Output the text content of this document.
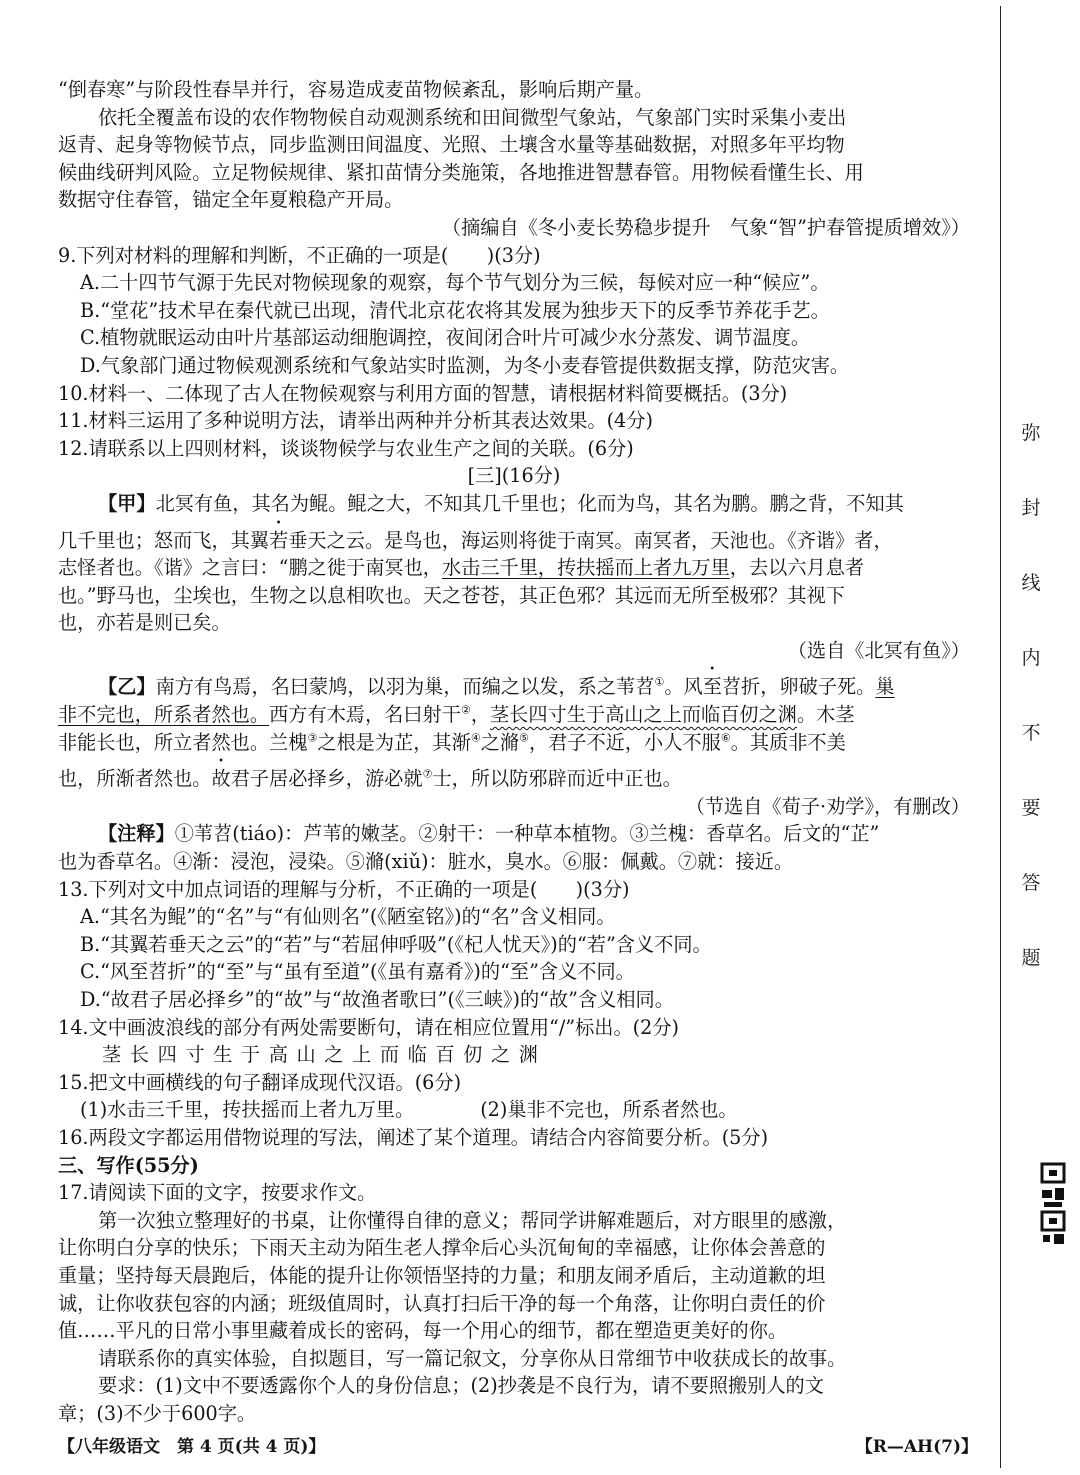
“倒春寒”与阶段性春旱并行，容易造成麦苗物候紊乱，影响后期产量。
依托全覆盖布设的农作物物候自动观测系统和田间微型气象站，气象部门实时采集小麦出
返青、起身等物候节点，同步监测田间温度、光照、土壤含水量等基础数据，对照多年平均物
候曲线研判风险。立足物候规律、紧扣苗情分类施策，各地推进智慧春管。用物候看懂生长、用
数据守住春管，锚定全年夏粮稳产开局。
（摘编自《冬小麦长势稳步提升　气象“智”护春管提质增效》）
9.下列对材料的理解和判断，不正确的一项是(　　)(3分)
A.二十四节气源于先民对物候现象的观察，每个节气划分为三候，每候对应一种“候应”。
B.“堂花”技术早在秦代就已出现，清代北京花农将其发展为独步天下的反季节养花手艺。
C.植物就眠运动由叶片基部运动细胞调控，夜间闭合叶片可减少水分蒸发、调节温度。
D.气象部门通过物候观测系统和气象站实时监测，为冬小麦春管提供数据支撑，防范灾害。
10.材料一、二体现了古人在物候观察与利用方面的智慧，请根据材料简要概括。(3分)
11.材料三运用了多种说明方法，请举出两种并分析其表达效果。(4分)
12.请联系以上四则材料，谈谈物候学与农业生产之间的关联。(6分)
[三](16分)
【甲】北冥有鱼，其名为鲲。鲲之大，不知其几千里也；化而为鸟，其名为鹏。鹏之背，不知其
几千里也；怒而飞，其翼若垂天之云。是鸟也，海运则将徙于南冥。南冥者，天池也。《齐谐》者，
志怪者也。《谐》之言曰：“鹏之徙于南冥也，水击三千里，抟扶摇而上者九万里，去以六月息者
也。”野马也，尘埃也，生物之以息相吹也。天之苍苍，其正色邪？其远而无所至极邪？其视下
也，亦若是则已矣。
（选自《北冥有鱼》）
【乙】南方有鸟焉，名曰蒙鸠，以羽为巢，而编之以发，系之苇苕①。风至苕折，卵破子死。巢
非不完也，所系者然也。西方有木焉，名曰射干②，茎长四寸生于高山之上而临百仞之渊。木茎
非能长也，所立者然也。兰槐③之根是为芷，其渐④之滫⑤，君子不近，小人不服⑥。其质非不美
也，所渐者然也。故君子居必择乡，游必就⑦士，所以防邪辟而近中正也。
（节选自《荀子·劝学》，有删改）
【注释】①苇苕(tiáo)：芦苇的嫩茎。②射干：一种草本植物。③兰槐：香草名。后文的“芷”
也为香草名。④渐：浸泡，浸染。⑤滫(xiǔ)：脏水，臭水。⑥服：佩戴。⑦就：接近。
13.下列对文中加点词语的理解与分析，不正确的一项是(　　)(3分)
A.“其名为鲲”的“名”与“有仙则名”(《陋室铭》)的“名”含义相同。
B.“其翼若垂天之云”的“若”与“若屈伸呼吸”(《杞人忧天》)的“若”含义不同。
C.“风至苕折”的“至”与“虽有至道”(《虽有嘉肴》)的“至”含义不同。
D.“故君子居必择乡”的“故”与“故渔者歌曰”(《三峡》)的“故”含义相同。
14.文中画波浪线的部分有两处需要断句，请在相应位置用“/”标出。(2分)
茎长四寸生于高山之上而临百仞之渊
15.把文中画横线的句子翻译成现代汉语。(6分)
(1)水击三千里，抟扶摇而上者九万里。	(2)巢非不完也，所系者然也。
16.两段文字都运用借物说理的写法，阐述了某个道理。请结合内容简要分析。(5分)
三、写作(55分)
17.请阅读下面的文字，按要求作文。
第一次独立整理好的书桌，让你懂得自律的意义；帮同学讲解难题后，对方眼里的感激，
让你明白分享的快乐；下雨天主动为陌生老人撑伞后心头沉甸甸的幸福感，让你体会善意的
重量；坚持每天晨跑后，体能的提升让你领悟坚持的力量；和朋友闹矛盾后，主动道歉的坦
诚，让你收获包容的内涵；班级值周时，认真打扫后干净的每一个角落，让你明白责任的价
值……平凡的日常小事里藏着成长的密码，每一个用心的细节，都在塑造更美好的你。
请联系你的真实体验，自拟题目，写一篇记叙文，分享你从日常细节中收获成长的故事。
要求：(1)文中不要透露你个人的身份信息；(2)抄袭是不良行为，请不要照搬别人的文
章；(3)不少于600字。
弥
封
线
内
不
要
答
题
【八年级语文　第 4 页(共 4 页)】	【R—AH(7)】
